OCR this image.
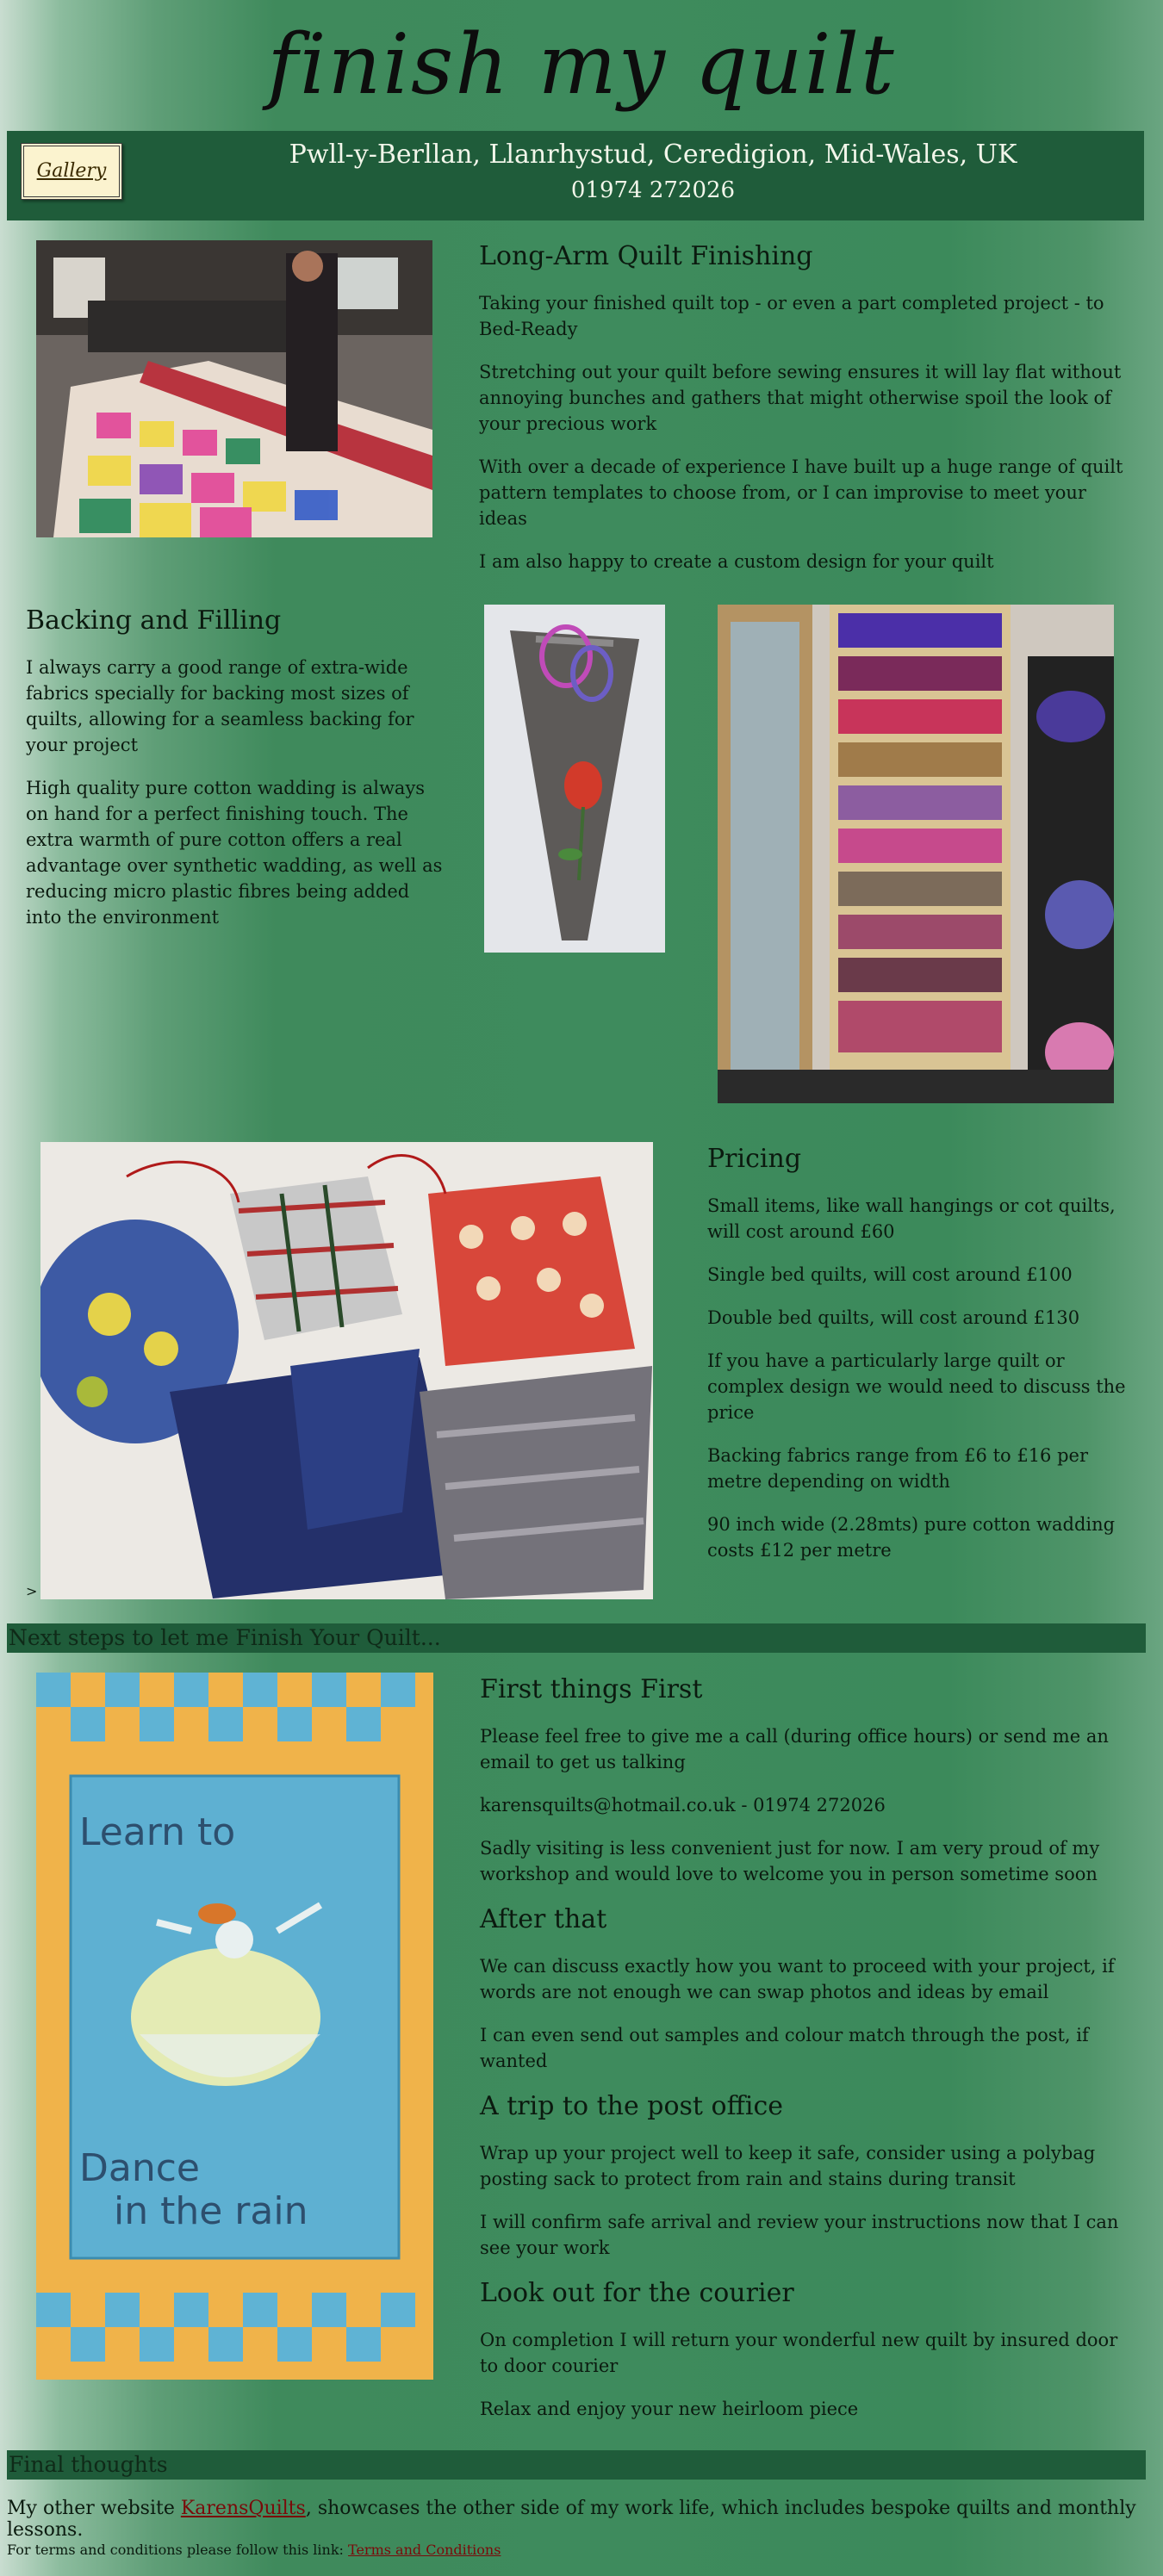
finish my quilt
Gallery
Pwll-y-Berllan, Llanrhystud, Ceredigion, Mid-Wales, UK
01974 272026
Long-Arm Quilt Finishing
Taking your finished quilt top - or even a part completed project - to Bed-Ready
Stretching out your quilt before sewing ensures it will lay flat without annoying bunches and gathers that might otherwise spoil the look of your precious work
With over a decade of experience I have built up a huge range of quilt pattern templates to choose from, or I can improvise to meet your ideas
I am also happy to create a custom design for your quilt
Backing and Filling
I always carry a good range of extra-wide fabrics specially for backing most sizes of quilts, allowing for a seamless backing for your project
High quality pure cotton wadding is always on hand for a perfect finishing touch. The extra warmth of pure cotton offers a real advantage over synthetic wadding, as well as reducing micro plastic fibres being added into the environment
>
Pricing
Small items, like wall hangings or cot quilts, will cost around £60
Single bed quilts, will cost around £100
Double bed quilts, will cost around £130
If you have a particularly large quilt or complex design we would need to discuss the price
Backing fabrics range from £6 to £16 per metre depending on width
90 inch wide (2.28mts) pure cotton wadding costs £12 per metre
Next steps to let me Finish Your Quilt...
Learn to
Dance
in the rain
First things First
Please feel free to give me a call (during office hours) or send me an email to get us talking
karensquilts@hotmail.co.uk - 01974 272026
Sadly visiting is less convenient just for now. I am very proud of my workshop and would love to welcome you in person sometime soon
After that
We can discuss exactly how you want to proceed with your project, if words are not enough we can swap photos and ideas by email
I can even send out samples and colour match through the post, if wanted
A trip to the post office
Wrap up your project well to keep it safe, consider using a polybag posting sack to protect from rain and stains during transit
I will confirm safe arrival and review your instructions now that I can see your work
Look out for the courier
On completion I will return your wonderful new quilt by insured door to door courier
Relax and enjoy your new heirloom piece
Final thoughts
My other website KarensQuilts, showcases the other side of my work life, which includes bespoke quilts and monthly lessons.
For terms and conditions please follow this link: Terms and Conditions
